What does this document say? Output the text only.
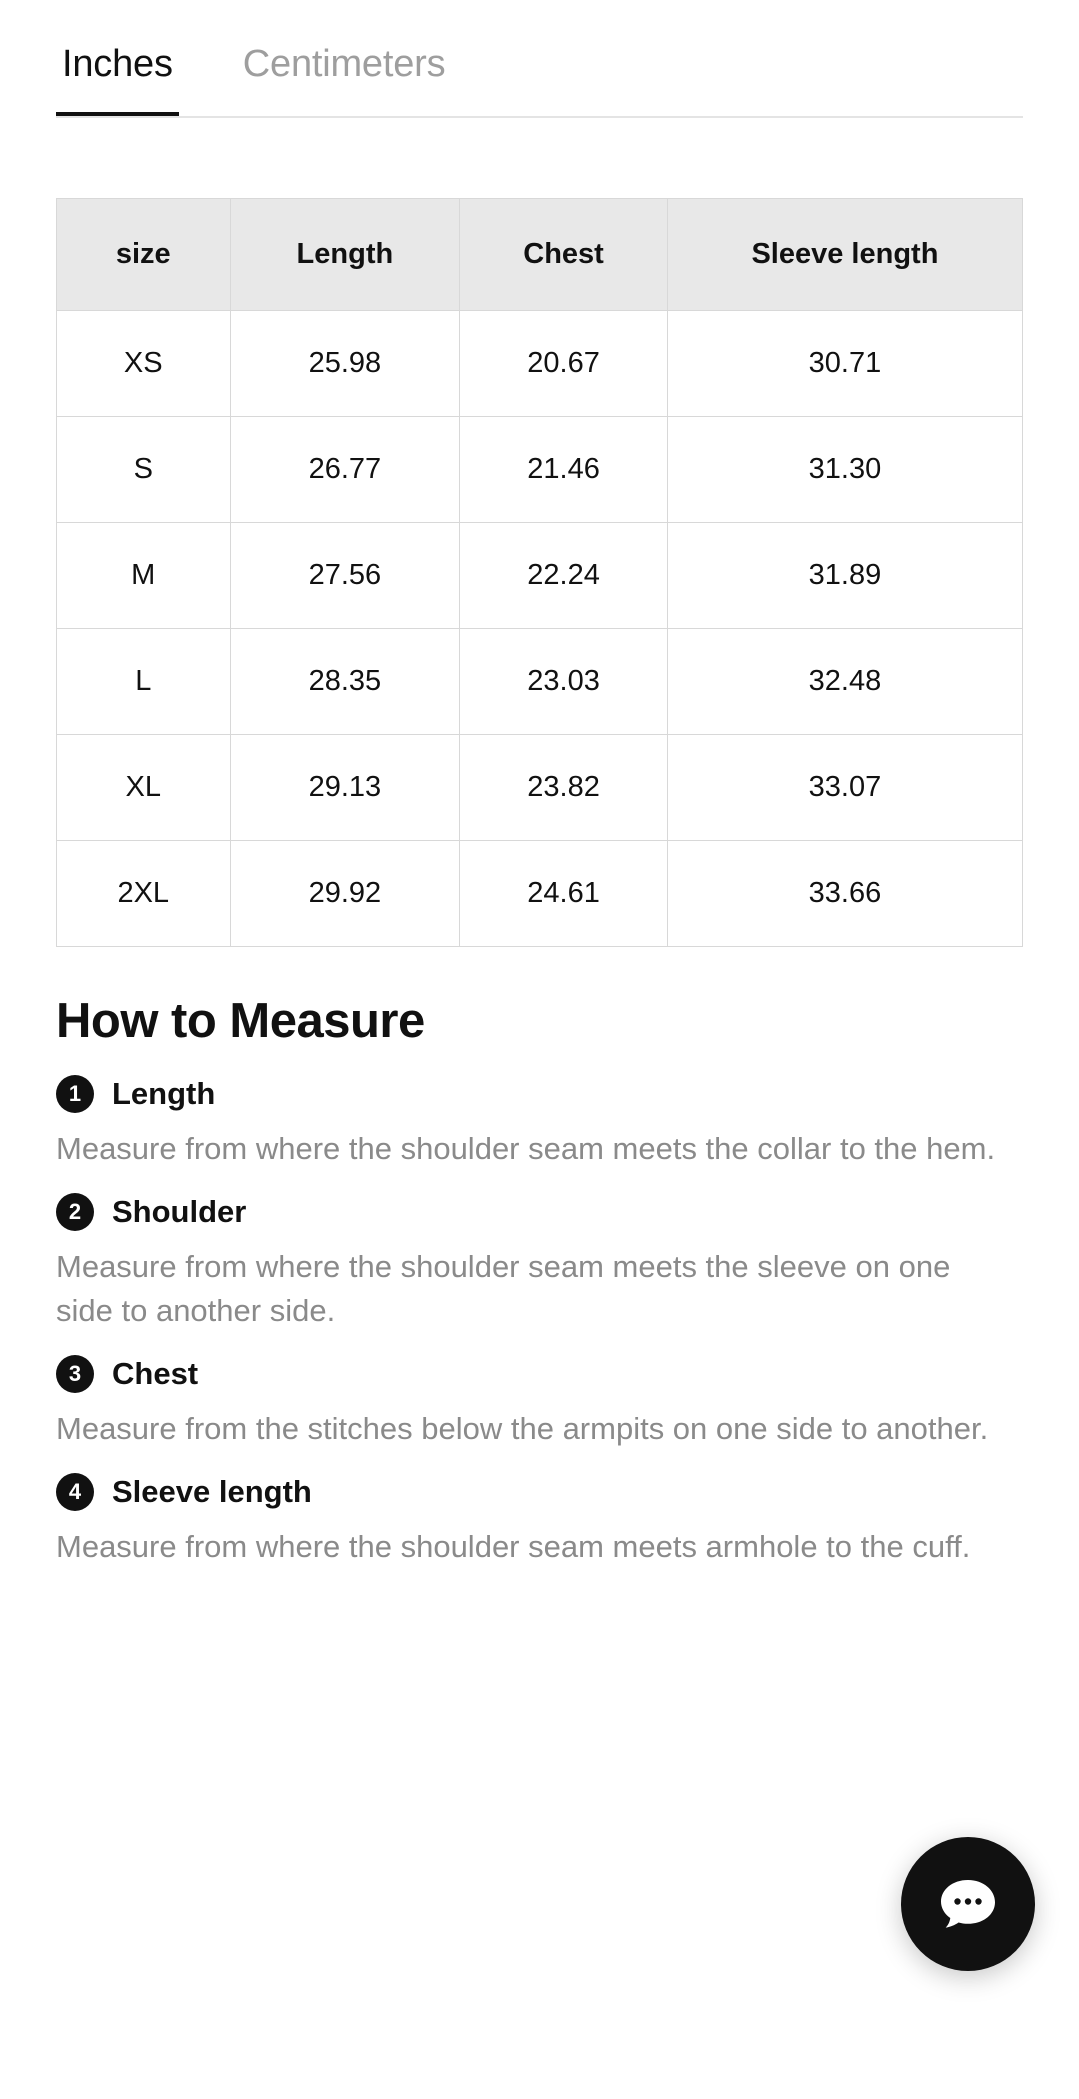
Inches Centimeters
size	Length	Chest	Sleeve length
XS	25.98	20.67	30.71
S	26.77	21.46	31.30
M	27.56	22.24	31.89
L	28.35	23.03	32.48
XL	29.13	23.82	33.07
2XL	29.92	24.61	33.66
How to Measure
1 Length

Measure from where the shoulder seam meets the collar to the hem.

2 Shoulder

Measure from where the shoulder seam meets the sleeve on one side to another side.

3 Chest

Measure from the stitches below the armpits on one side to another.

4 Sleeve length

Measure from where the shoulder seam meets armhole to the cuff.
